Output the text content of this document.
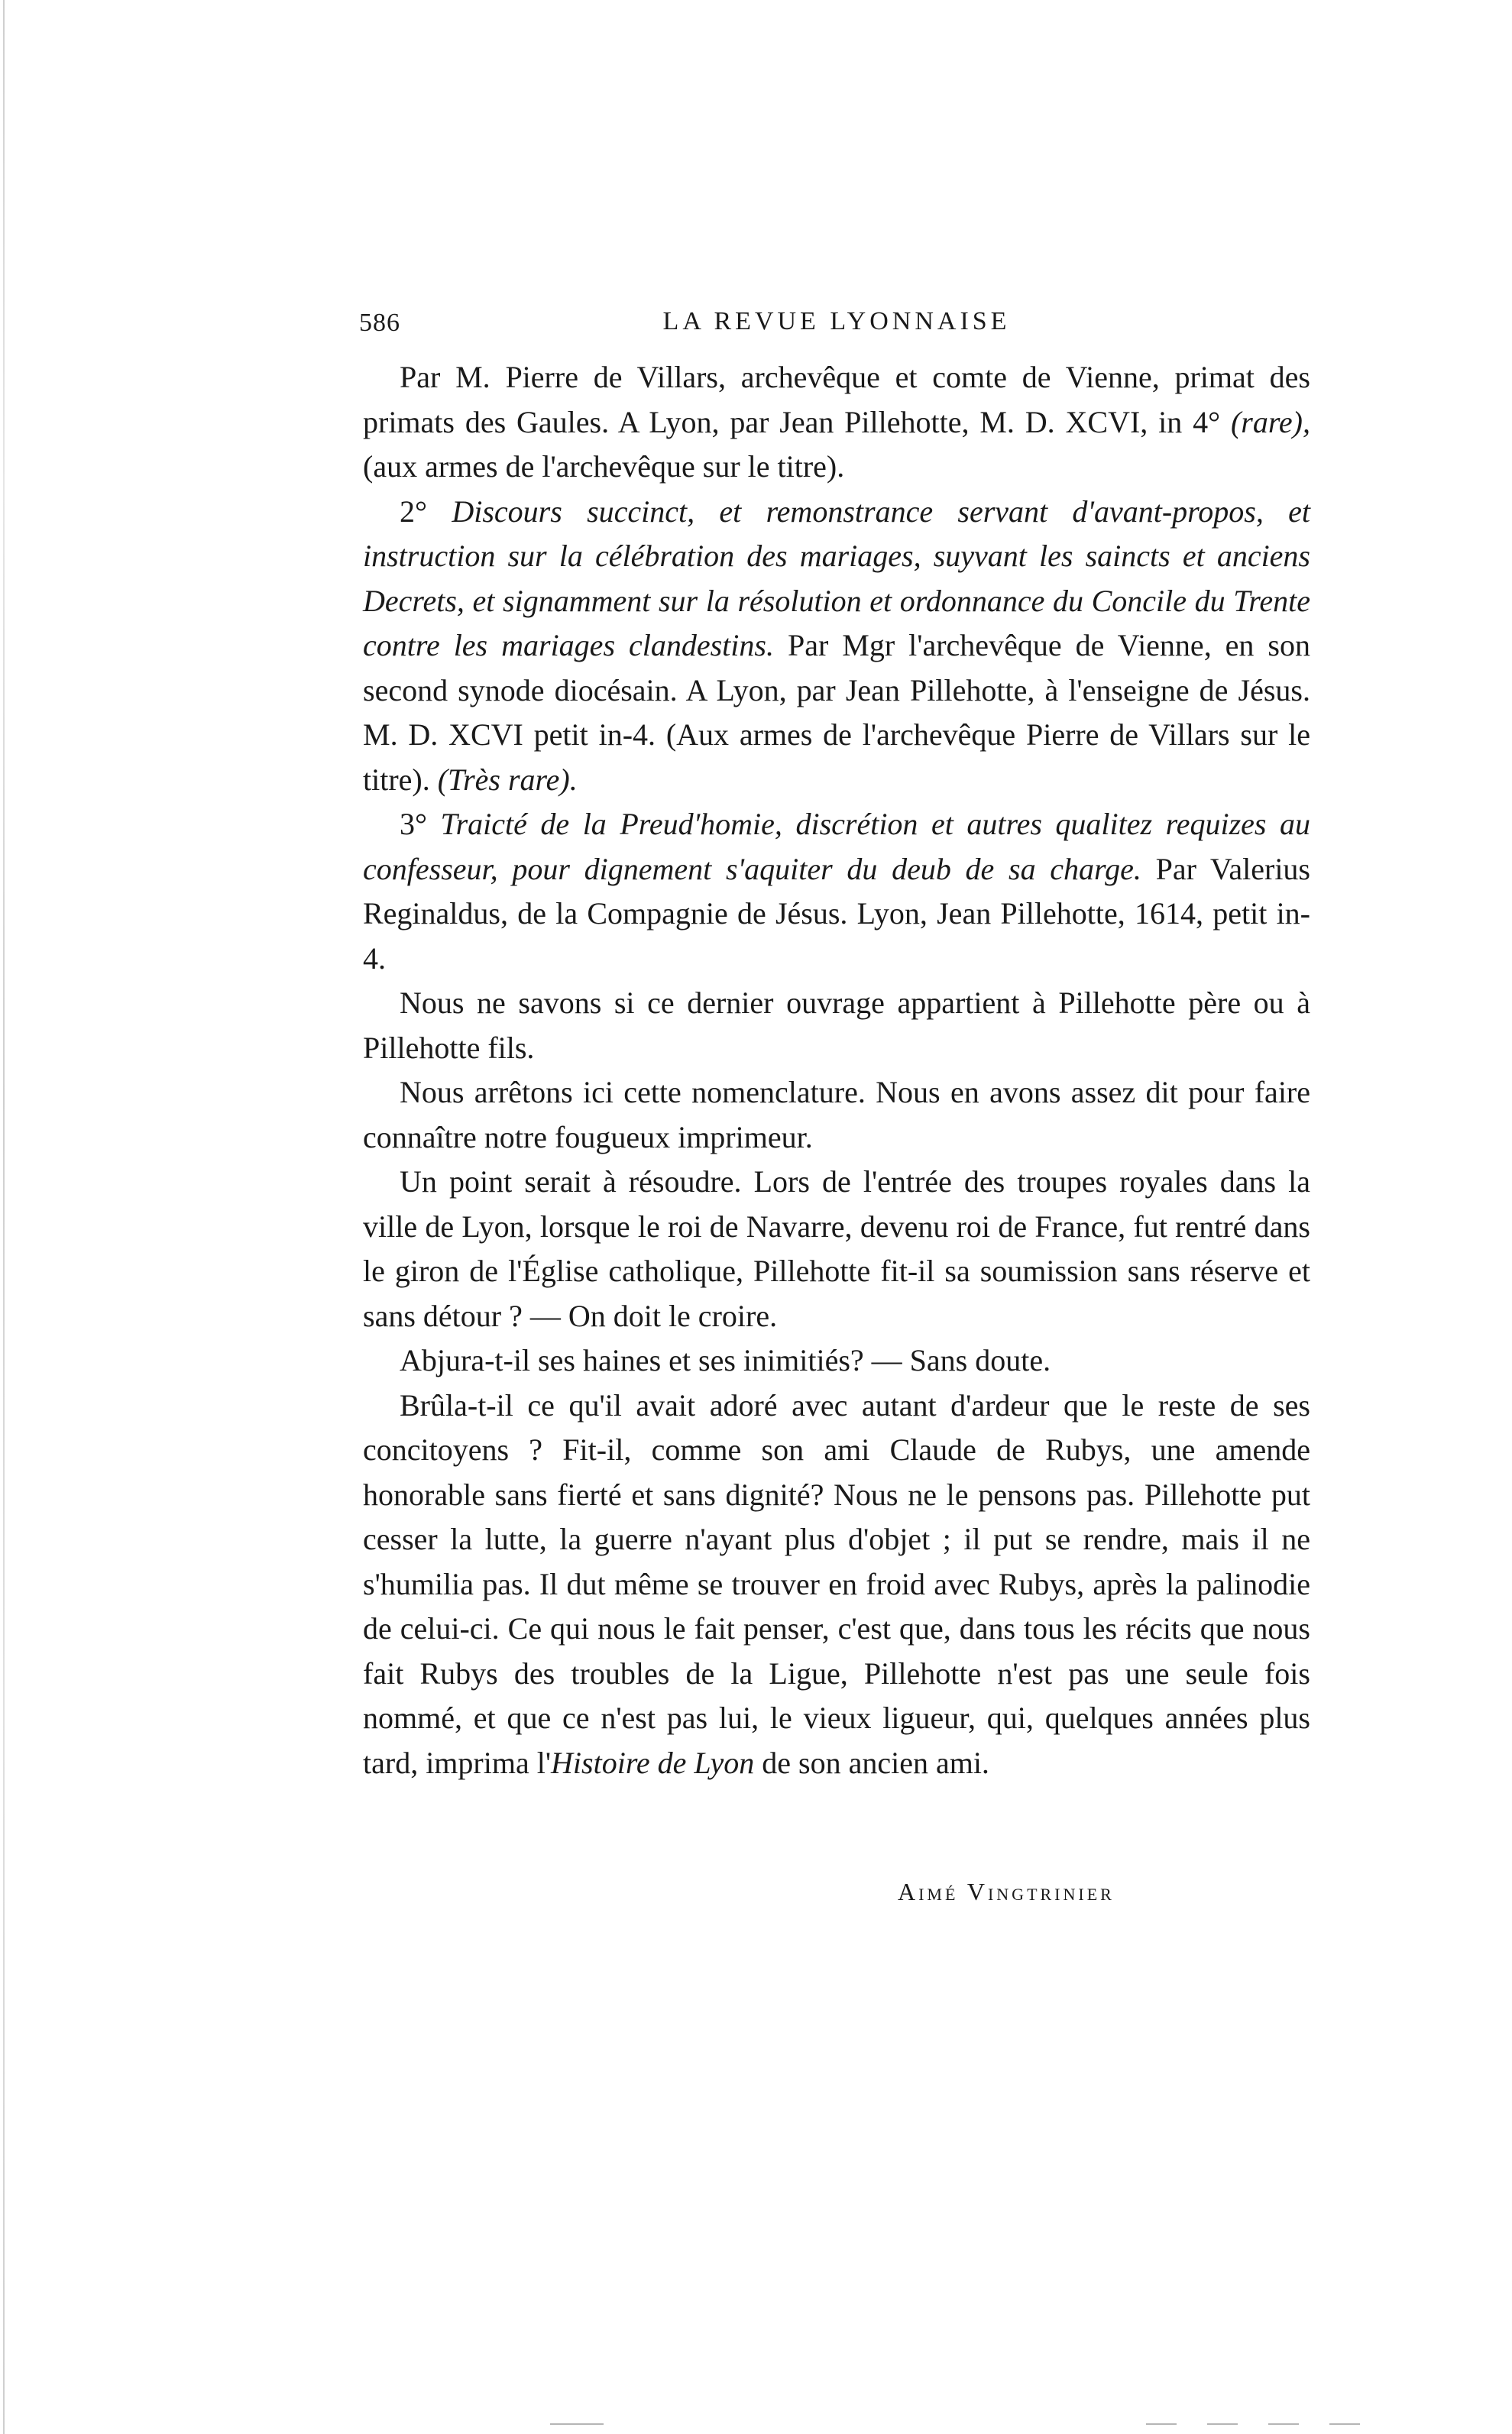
586	LA REVUE LYONNAISE

Par M. Pierre de Villars, archevêque et comte de Vienne, primat des primats des Gaules. A Lyon, par Jean Pillehotte, M. D. XCVI, in 4° (rare), (aux armes de l'archevêque sur le titre).

2° Discours succinct, et remonstrance servant d'avant-propos, et instruction sur la célébration des mariages, suyvant les saincts et anciens Decrets, et signamment sur la résolution et ordonnance du Concile du Trente contre les mariages clandestins. Par Mgr l'archevêque de Vienne, en son second synode diocésain. A Lyon, par Jean Pillehotte, à l'enseigne de Jésus. M. D. XCVI petit in-4. (Aux armes de l'archevêque Pierre de Villars sur le titre). (Très rare).

3° Traicté de la Preud'homie, discrétion et autres qualitez requizes au confesseur, pour dignement s'aquiter du deub de sa charge. Par Valerius Reginaldus, de la Compagnie de Jésus. Lyon, Jean Pillehotte, 1614, petit in-4.

Nous ne savons si ce dernier ouvrage appartient à Pillehotte père ou à Pillehotte fils.

Nous arrêtons ici cette nomenclature. Nous en avons assez dit pour faire connaître notre fougueux imprimeur.

Un point serait à résoudre. Lors de l'entrée des troupes royales dans la ville de Lyon, lorsque le roi de Navarre, devenu roi de France, fut rentré dans le giron de l'Église catholique, Pillehotte fit-il sa soumission sans réserve et sans détour ? — On doit le croire.

Abjura-t-il ses haines et ses inimitiés? — Sans doute.

Brûla-t-il ce qu'il avait adoré avec autant d'ardeur que le reste de ses concitoyens ? Fit-il, comme son ami Claude de Rubys, une amende honorable sans fierté et sans dignité? Nous ne le pensons pas. Pillehotte put cesser la lutte, la guerre n'ayant plus d'objet ; il put se rendre, mais il ne s'humilia pas. Il dut même se trouver en froid avec Rubys, après la palinodie de celui-ci. Ce qui nous le fait penser, c'est que, dans tous les récits que nous fait Rubys des troubles de la Ligue, Pillehotte n'est pas une seule fois nommé, et que ce n'est pas lui, le vieux ligueur, qui, quelques années plus tard, imprima l'Histoire de Lyon de son ancien ami.

Aimé Vingtrinier
